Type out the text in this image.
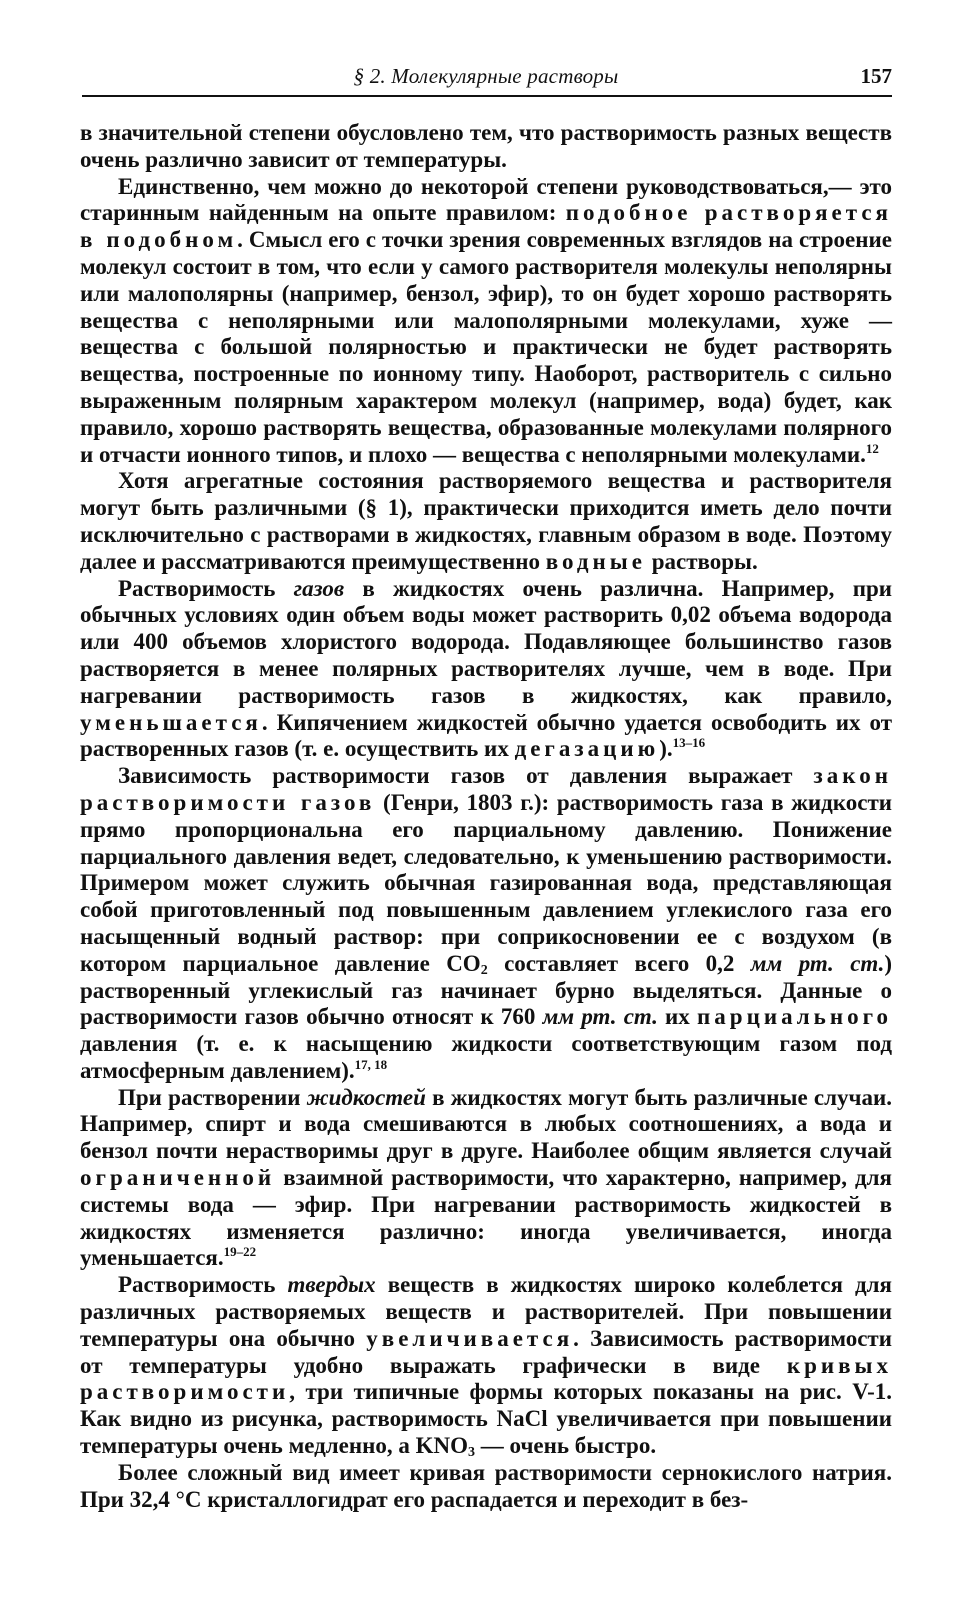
§ 2. Молекулярные растворы	157

в значительной степени обусловлено тем, что растворимость разных веществ очень различно зависит от температуры.

Единственно, чем можно до некоторой степени руководствоваться,— это старинным найденным на опыте правилом: подобное растворяется в подобном. Смысл его с точки зрения современных взглядов на строение молекул состоит в том, что если у самого растворителя молекулы неполярны или малополярны (например, бензол, эфир), то он будет хорошо растворять вещества с неполярными или малополярными молекулами, хуже — вещества с большой полярностью и практически не будет растворять вещества, построенные по ионному типу. Наоборот, растворитель с сильно выраженным полярным характером молекул (например, вода) будет, как правило, хорошо растворять вещества, образованные молекулами полярного и отчасти ионного типов, и плохо — вещества с неполярными молекулами.$^{12}$

Хотя агрегатные состояния растворяемого вещества и растворителя могут быть различными (§ 1), практически приходится иметь дело почти исключительно с растворами в жидкостях, главным образом в воде. Поэтому далее и рассматриваются преимущественно водные растворы.

Растворимость газов в жидкостях очень различна. Например, при обычных условиях один объем воды может растворить 0,02 объема водорода или 400 объемов хлористого водорода. Подавляющее большинство газов растворяется в менее полярных растворителях лучше, чем в воде. При нагревании растворимость газов в жидкостях, как правило, уменьшается. Кипячением жидкостей обычно удается освободить их от растворенных газов (т. е. осуществить их дегазацию).$^{13-16}$

Зависимость растворимости газов от давления выражает закон растворимости газов (Генри, 1803 г.): растворимость газа в жидкости прямо пропорциональна его парциальному давлению. Понижение парциального давления ведет, следовательно, к уменьшению растворимости. Примером может служить обычная газированная вода, представляющая собой приготовленный под повышенным давлением углекислого газа его насыщенный водный раствор: при соприкосновении ее с воздухом (в котором парциальное давление $CO_2$ составляет всего 0,2 мм рт. ст.) растворенный углекислый газ начинает бурно выделяться. Данные о растворимости газов обычно относят к 760 мм рт. ст. их парциального давления (т. е. к насыщению жидкости соответствующим газом под атмосферным давлением).$^{17, 18}$

При растворении жидкостей в жидкостях могут быть различные случаи. Например, спирт и вода смешиваются в любых соотношениях, а вода и бензол почти нерастворимы друг в друге. Наиболее общим является случай ограниченной взаимной растворимости, что характерно, например, для системы вода — эфир. При нагревании растворимость жидкостей в жидкостях изменяется различно: иногда увеличивается, иногда уменьшается.$^{19-22}$

Растворимость твердых веществ в жидкостях широко колеблется для различных растворяемых веществ и растворителей. При повышении температуры она обычно увеличивается. Зависимость растворимости от температуры удобно выражать графически в виде кривых растворимости, три типичные формы которых показаны на рис. V-1. Как видно из рисунка, растворимость NaCl увеличивается при повышении температуры очень медленно, а $KNO_3$ — очень быстро.

Более сложный вид имеет кривая растворимости сернокислого натрия. При 32,4 °C кристаллогидрат его распадается и переходит в без-
